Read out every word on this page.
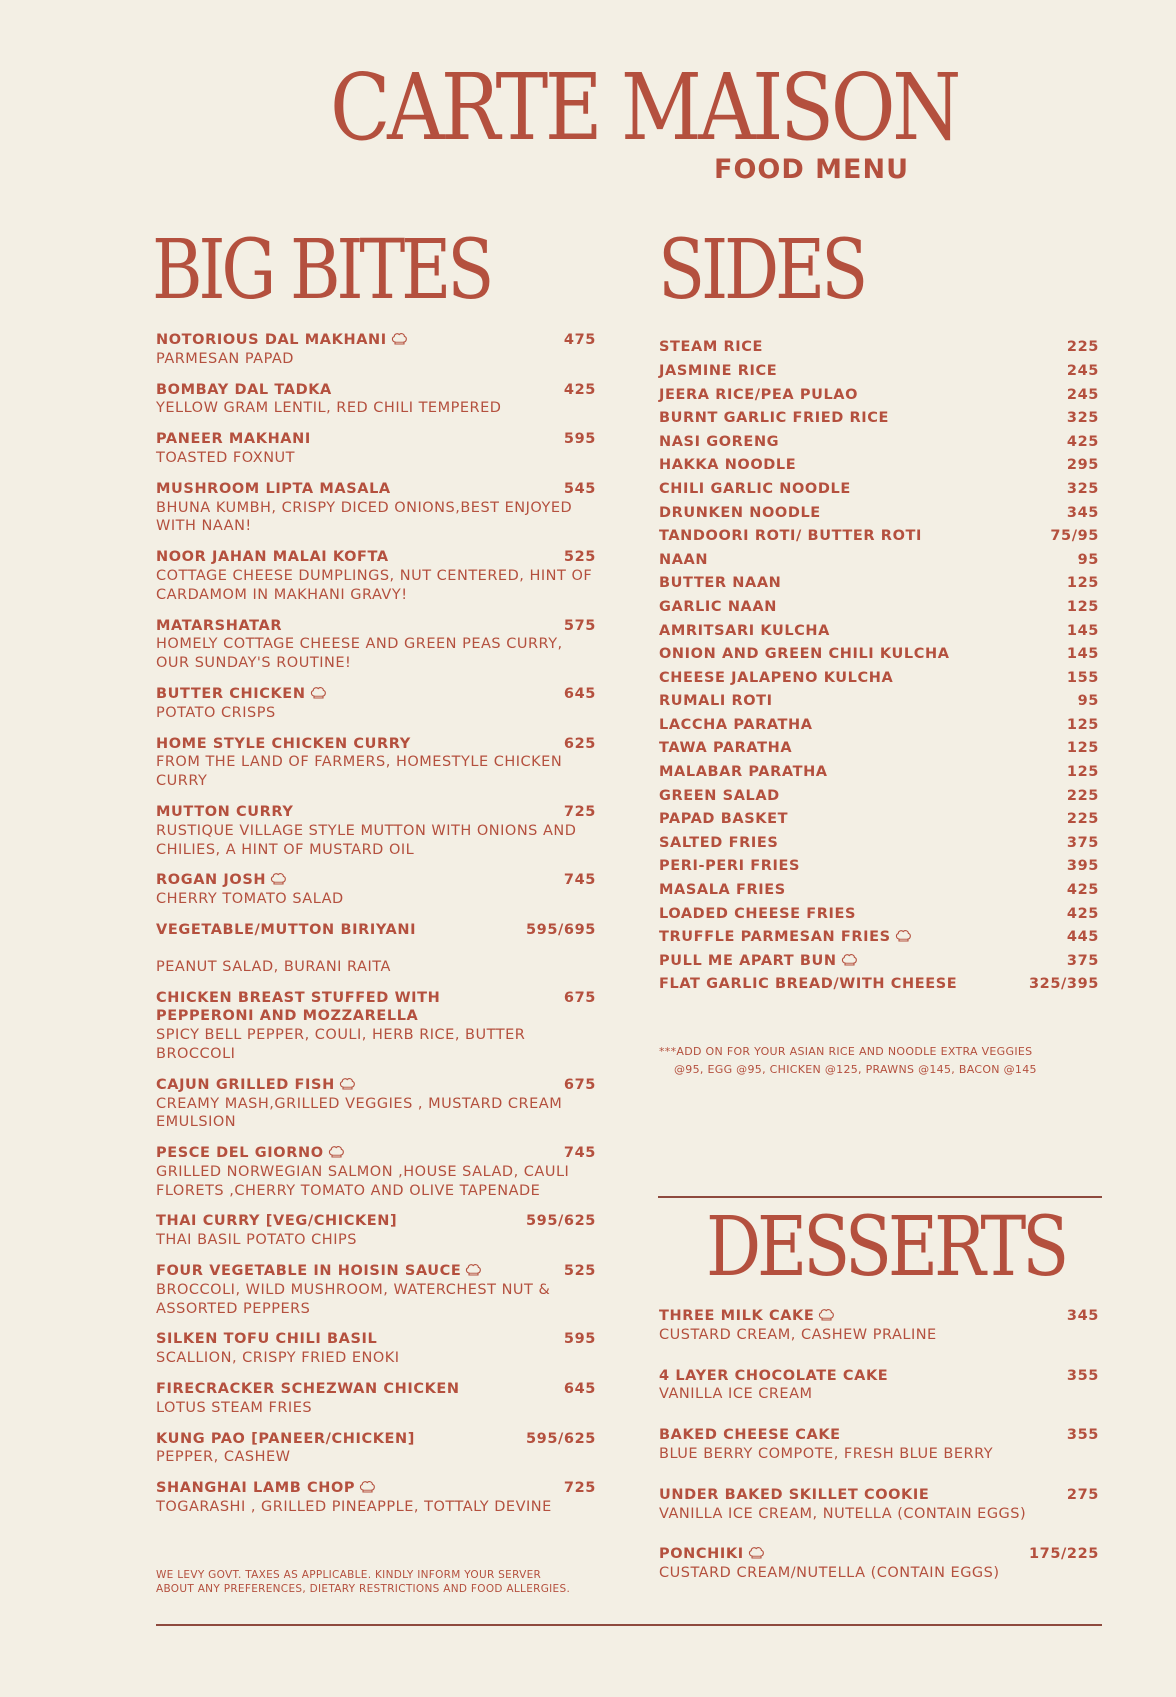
CARTE MAISON
FOOD MENU
BIG BITES SIDES
NOTORIOUS DAL MAKHANI	475
PARMESAN PAPAD
BOMBAY DAL TADKA	425
YELLOW GRAM LENTIL, RED CHILI TEMPERED
PANEER MAKHANI	595
TOASTED FOXNUT
MUSHROOM LIPTA MASALA	545
BHUNA KUMBH, CRISPY DICED ONIONS,BEST ENJOYED WITH NAAN!
NOOR JAHAN MALAI KOFTA	525
COTTAGE CHEESE DUMPLINGS, NUT CENTERED, HINT OF CARDAMOM IN MAKHANI GRAVY!
MATARSHATAR	575
HOMELY COTTAGE CHEESE AND GREEN PEAS CURRY, OUR SUNDAY'S ROUTINE!
BUTTER CHICKEN	645
POTATO CRISPS
HOME STYLE CHICKEN CURRY	625
FROM THE LAND OF FARMERS, HOMESTYLE CHICKEN CURRY
MUTTON CURRY	725
RUSTIQUE VILLAGE STYLE MUTTON WITH ONIONS AND CHILIES, A HINT OF MUSTARD OIL
ROGAN JOSH	745
CHERRY TOMATO SALAD
VEGETABLE/MUTTON BIRIYANI	595/695
PEANUT SALAD, BURANI RAITA
CHICKEN BREAST STUFFED WITH PEPPERONI AND MOZZARELLA
675
SPICY BELL PEPPER, COULI, HERB RICE, BUTTER BROCCOLI
CAJUN GRILLED FISH	675
CREAMY MASH,GRILLED VEGGIES , MUSTARD CREAM EMULSION
PESCE DEL GIORNO	745
GRILLED NORWEGIAN SALMON ,HOUSE SALAD, CAULI FLORETS ,CHERRY TOMATO AND OLIVE TAPENADE
THAI CURRY [VEG/CHICKEN]	595/625
THAI BASIL POTATO CHIPS
FOUR VEGETABLE IN HOISIN SAUCE	525
BROCCOLI, WILD MUSHROOM, WATERCHEST NUT & ASSORTED PEPPERS
SILKEN TOFU CHILI BASIL	595
SCALLION, CRISPY FRIED ENOKI
FIRECRACKER SCHEZWAN CHICKEN	645
LOTUS STEAM FRIES
KUNG PAO [PANEER/CHICKEN]	595/625
PEPPER, CASHEW
SHANGHAI LAMB CHOP	725
TOGARASHI , GRILLED PINEAPPLE, TOTTALY DEVINE
STEAM RICE	225
JASMINE RICE	245
JEERA RICE/PEA PULAO	245
BURNT GARLIC FRIED RICE	325
NASI GORENG	425
HAKKA NOODLE	295
CHILI GARLIC NOODLE	325
DRUNKEN NOODLE	345
TANDOORI ROTI/ BUTTER ROTI	75/95
NAAN	95
BUTTER NAAN	125
GARLIC NAAN	125
AMRITSARI KULCHA	145
ONION AND GREEN CHILI KULCHA	145
CHEESE JALAPENO KULCHA	155
RUMALI ROTI	95
LACCHA PARATHA	125
TAWA PARATHA	125
MALABAR PARATHA	125
GREEN SALAD	225
PAPAD BASKET	225
SALTED FRIES	375
PERI-PERI FRIES	395
MASALA FRIES	425
LOADED CHEESE FRIES	425
TRUFFLE PARMESAN FRIES	445
PULL ME APART BUN	375
FLAT GARLIC BREAD/WITH CHEESE	325/395
***ADD ON FOR YOUR ASIAN RICE AND NOODLE EXTRA VEGGIES
@95, EGG @95, CHICKEN @125, PRAWNS @145, BACON @145
DESSERTS
THREE MILK CAKE	345
CUSTARD CREAM, CASHEW PRALINE
4 LAYER CHOCOLATE CAKE	355
VANILLA ICE CREAM
BAKED CHEESE CAKE	355
BLUE BERRY COMPOTE, FRESH BLUE BERRY
UNDER BAKED SKILLET COOKIE	275
VANILLA ICE CREAM, NUTELLA (CONTAIN EGGS)
PONCHIKI	175/225
CUSTARD CREAM/NUTELLA (CONTAIN EGGS)
WE LEVY GOVT. TAXES AS APPLICABLE. KINDLY INFORM YOUR SERVER ABOUT ANY PREFERENCES, DIETARY RESTRICTIONS AND FOOD ALLERGIES.
